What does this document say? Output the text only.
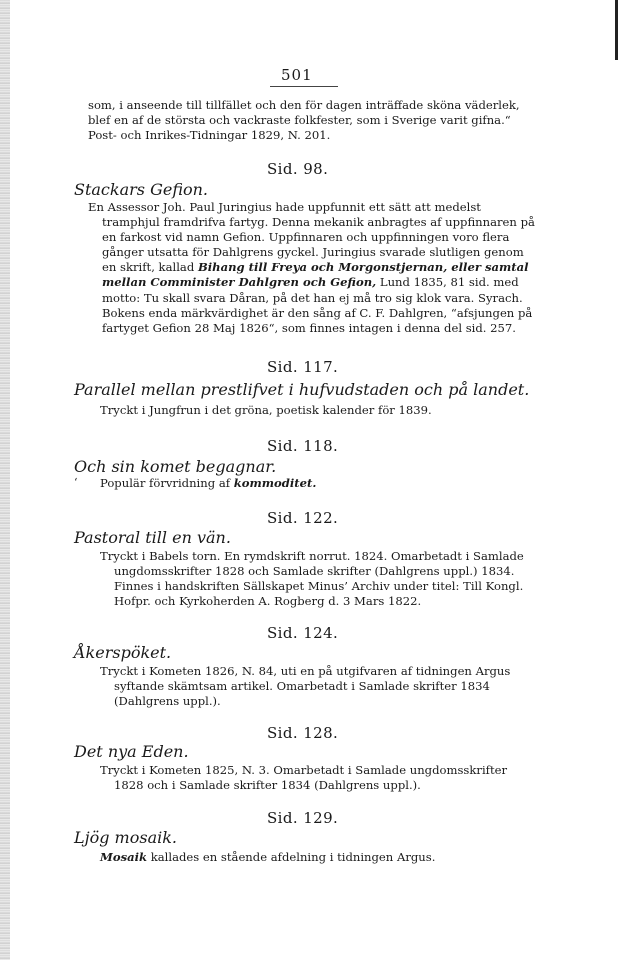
501

som, i anseende till tillfället och den för dagen inträffade sköna väderlek, blef en af de största och vackraste folkfester, som i Sverige varit gifna.“ Post- och Inrikes-Tidningar 1829, N. 201.

Sid. 98.
Stackars Gefion.

En Assessor Joh. Paul Juringius hade uppfunnit ett sätt att medelst tramphjul framdrifva fartyg. Denna mekanik anbragtes af uppfinnaren på en farkost vid namn Gefion. Uppfinnaren och uppfinningen voro flera gånger utsatta för Dahlgrens gyckel. Juringius svarade slutligen genom en skrift, kallad Bihang till Freya och Morgonstjernan, eller samtal mellan Comminister Dahlgren och Gefion, Lund 1835, 81 sid. med motto: Tu skall svara Dåran, på det han ej må tro sig klok vara. Syrach. Bokens enda märkvärdighet är den sång af C. F. Dahlgren, “afsjungen på fartyget Gefion 28 Maj 1826“, som finnes intagen i denna del sid. 257.

Sid. 117.
Parallel mellan prestlifvet i hufvudstaden och på landet.

Tryckt i Jungfrun i det gröna, poetisk kalender för 1839.

Sid. 118.
Och sin komet begagnar.
‘ Populär förvridning af kommoditet.

Sid. 122.
Pastoral till en vän.

Tryckt i Babels torn. En rymdskrift norrut. 1824. Omarbetadt i Samlade ungdomsskrifter 1828 och Samlade skrifter (Dahlgrens uppl.) 1834. Finnes i handskriften Sällskapet Minus’ Archiv under titel: Till Kongl. Hofpr. och Kyrkoherden A. Rogberg d. 3 Mars 1822.

Sid. 124.
Åkerspöket.

Tryckt i Kometen 1826, N. 84, uti en på utgifvaren af tidningen Argus syftande skämtsam artikel. Omarbetadt i Samlade skrifter 1834 (Dahlgrens uppl.).

Sid. 128.
Det nya Eden.

Tryckt i Kometen 1825, N. 3. Omarbetadt i Samlade ungdomsskrifter 1828 och i Samlade skrifter 1834 (Dahlgrens uppl.).

Sid. 129.
Ljög mosaik.

Mosaik kallades en stående afdelning i tidningen Argus.
